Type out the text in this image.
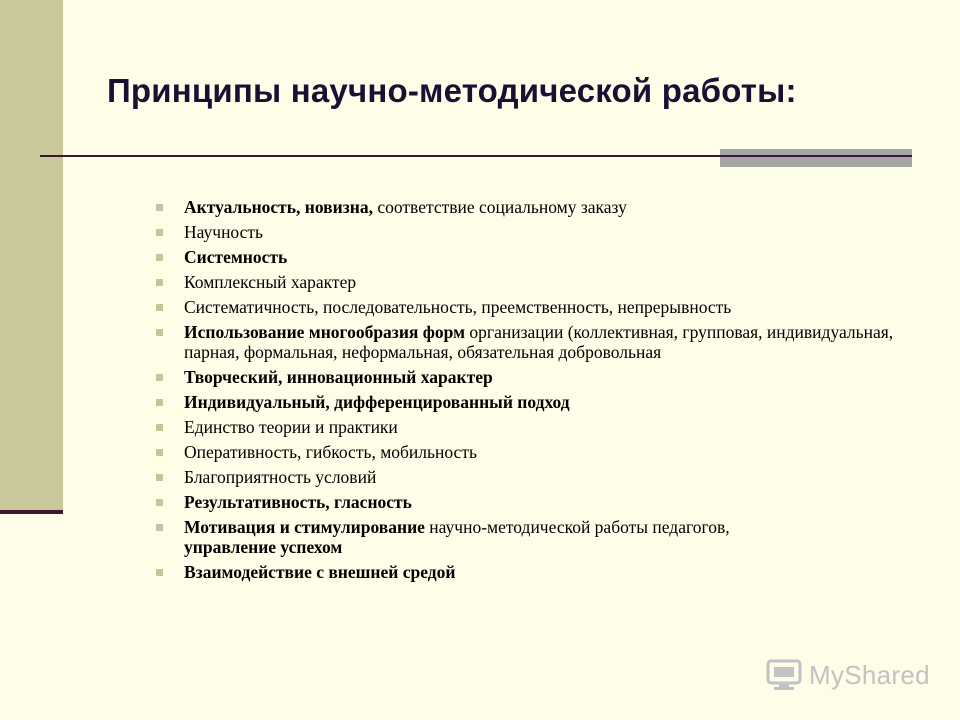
Принципы научно-методической работы:
Актуальность, новизна, соответствие социальному заказу
Научность
Системность
Комплексный характер
Систематичность, последовательность, преемственность, непрерывность
Использование многообразия форм организации (коллективная, групповая, индивидуальная, парная, формальная, неформальная, обязательная добровольная
Творческий, инновационный характер
Индивидуальный, дифференцированный подход
Единство теории и практики
Оперативность, гибкость, мобильность
Благоприятность условий
Результативность, гласность
Мотивация и стимулирование научно-методической работы педагогов,
управление успехом
Взаимодействие с внешней средой
MyShared
